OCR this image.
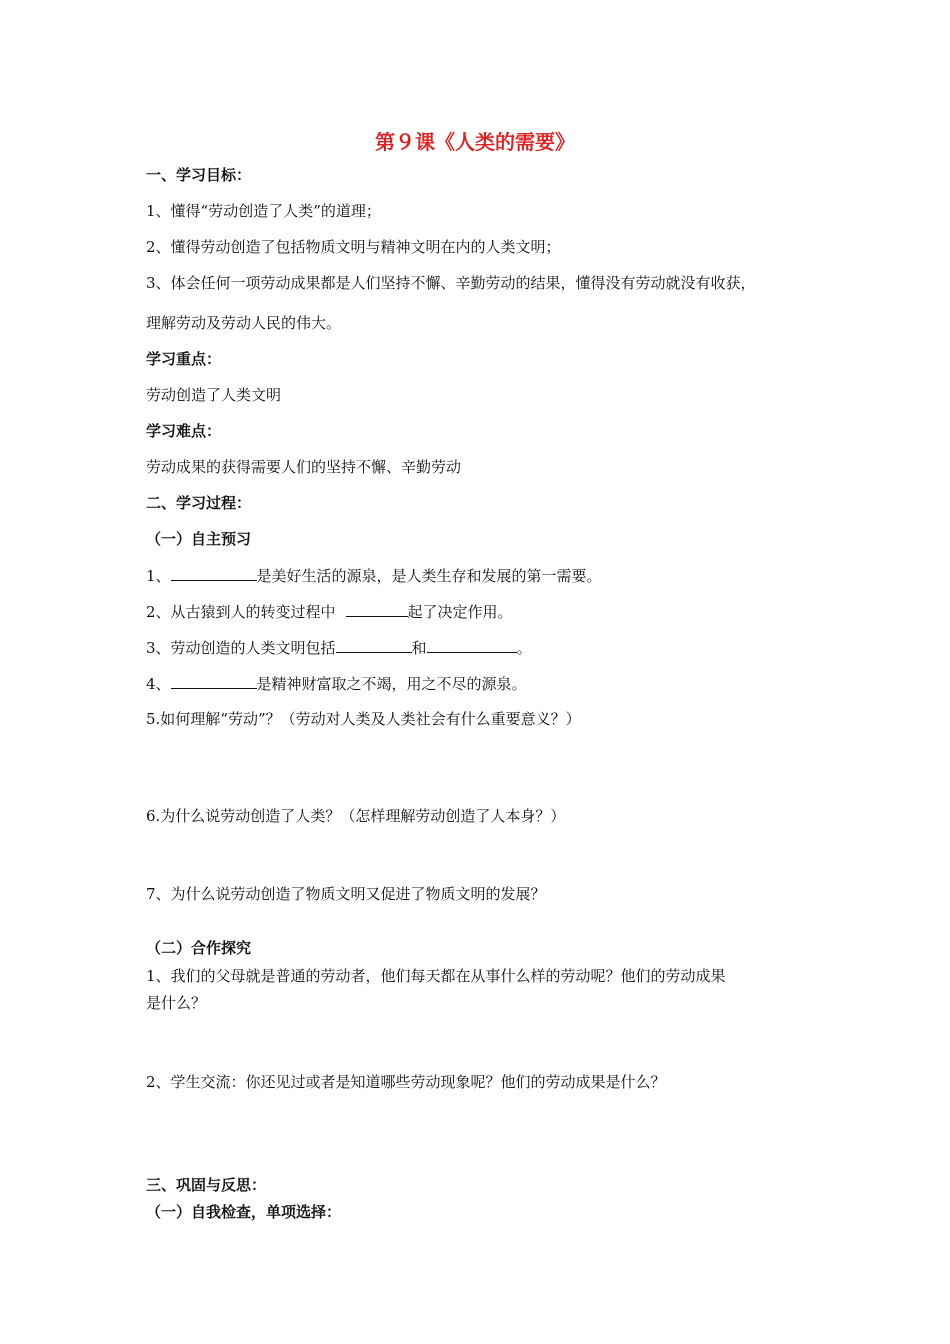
第９课《人类的需要》
一、学习目标：
1、懂得“劳动创造了人类”的道理；
2、懂得劳动创造了包括物质文明与精神文明在内的人类文明；
3、体会任何一项劳动成果都是人们坚持不懈、辛勤劳动的结果，懂得没有劳动就没有收获，
理解劳动及劳动人民的伟大。
学习重点：
劳动创造了人类文明
学习难点：
劳动成果的获得需要人们的坚持不懈、辛勤劳动
二、学习过程：
（一）自主预习
1、	是美好生活的源泉，是人类生存和发展的第一需要。
2、从古猿到人的转变过程中	起了决定作用。
3、劳动创造的人类文明包括	和	。
4、	是精神财富取之不竭，用之不尽的源泉。
5.如何理解“劳动”？（劳动对人类及人类社会有什么重要意义？）
6.为什么说劳动创造了人类？（怎样理解劳动创造了人本身？）
7、为什么说劳动创造了物质文明又促进了物质文明的发展？
（二）合作探究
1、我们的父母就是普通的劳动者，他们每天都在从事什么样的劳动呢？他们的劳动成果
是什么？
2、学生交流：你还见过或者是知道哪些劳动现象呢？他们的劳动成果是什么？
三、巩固与反思：
（一）自我检查，单项选择：
